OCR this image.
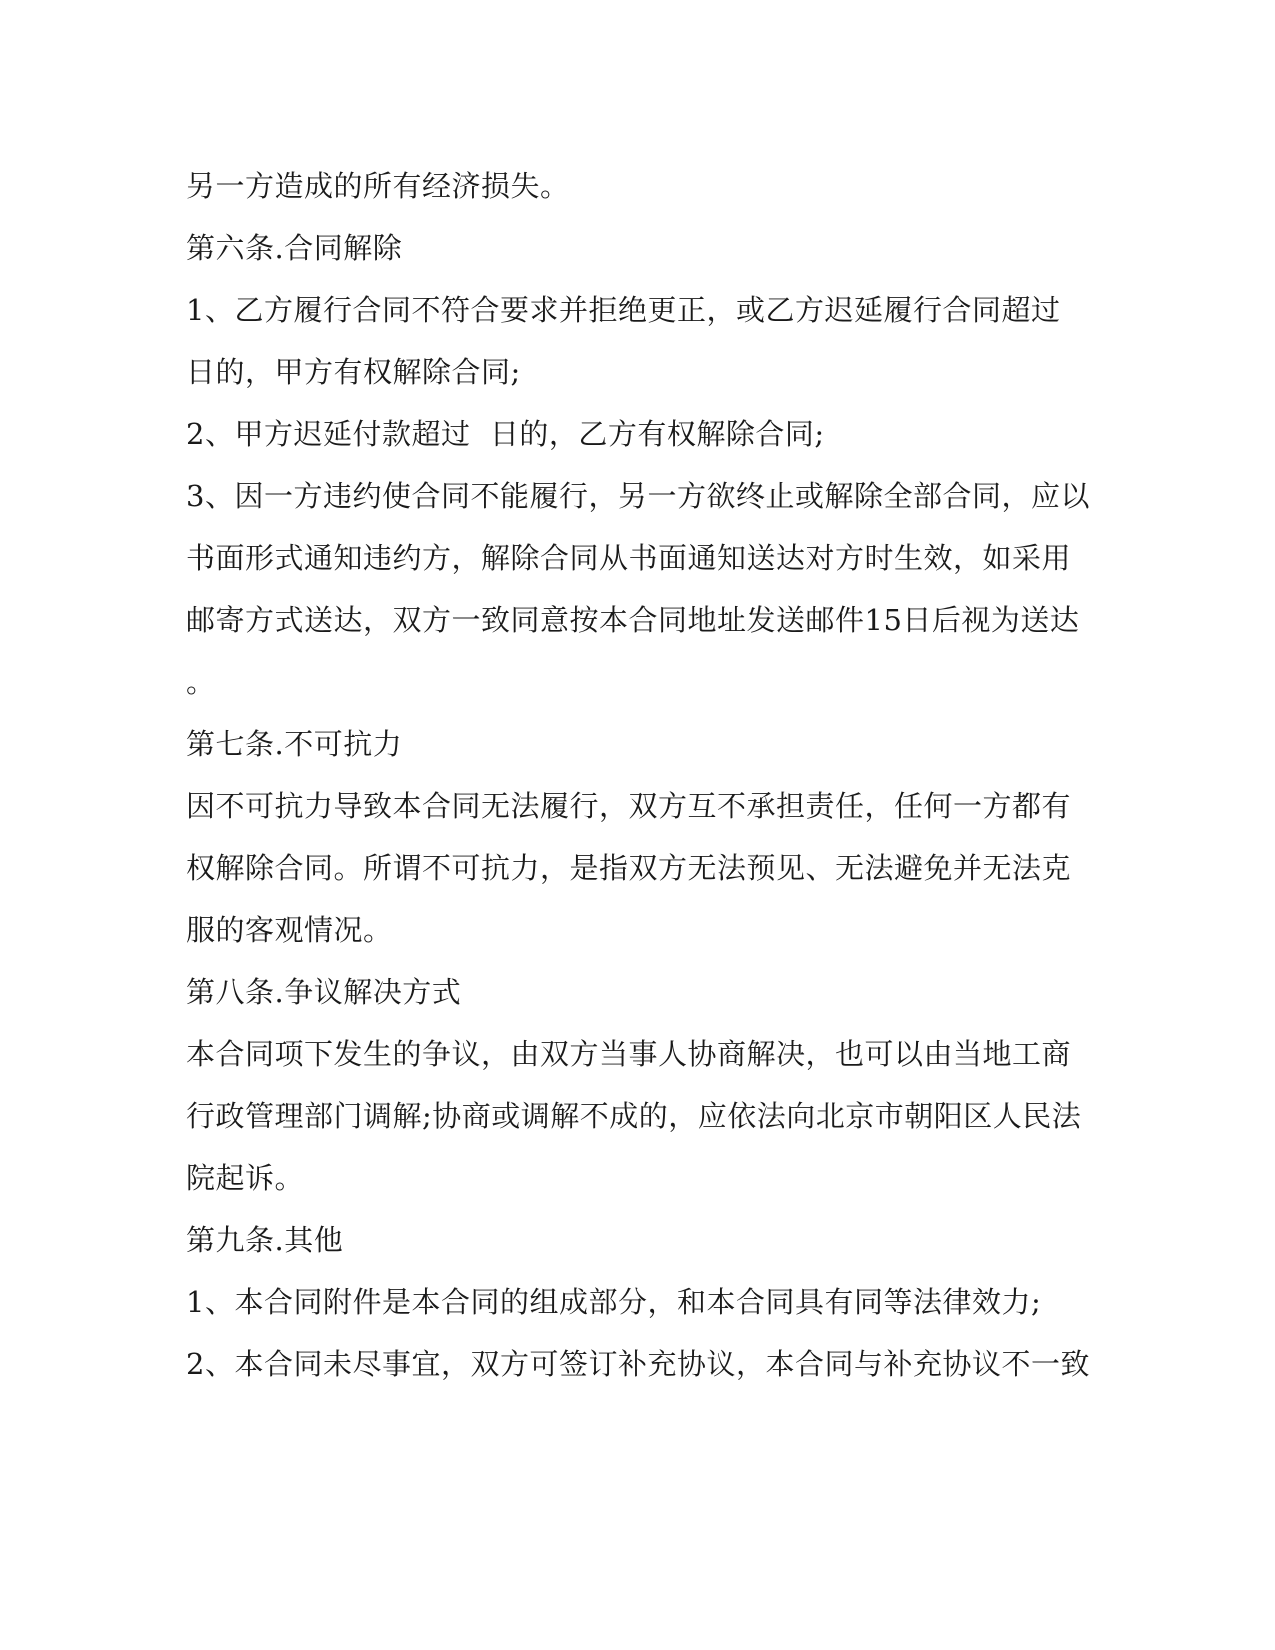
另一方造成的所有经济损失。
第六条.合同解除
1、乙方履行合同不符合要求并拒绝更正，或乙方迟延履行合同超过
日的，甲方有权解除合同;
2、甲方迟延付款超过  日的，乙方有权解除合同;
3、因一方违约使合同不能履行，另一方欲终止或解除全部合同，应以
书面形式通知违约方，解除合同从书面通知送达对方时生效，如采用
邮寄方式送达，双方一致同意按本合同地址发送邮件15日后视为送达
。
第七条.不可抗力
因不可抗力导致本合同无法履行，双方互不承担责任，任何一方都有
权解除合同。所谓不可抗力，是指双方无法预见、无法避免并无法克
服的客观情况。
第八条.争议解决方式
本合同项下发生的争议，由双方当事人协商解决，也可以由当地工商
行政管理部门调解;协商或调解不成的，应依法向北京市朝阳区人民法
院起诉。
第九条.其他
1、本合同附件是本合同的组成部分，和本合同具有同等法律效力;
2、本合同未尽事宜，双方可签订补充协议，本合同与补充协议不一致
